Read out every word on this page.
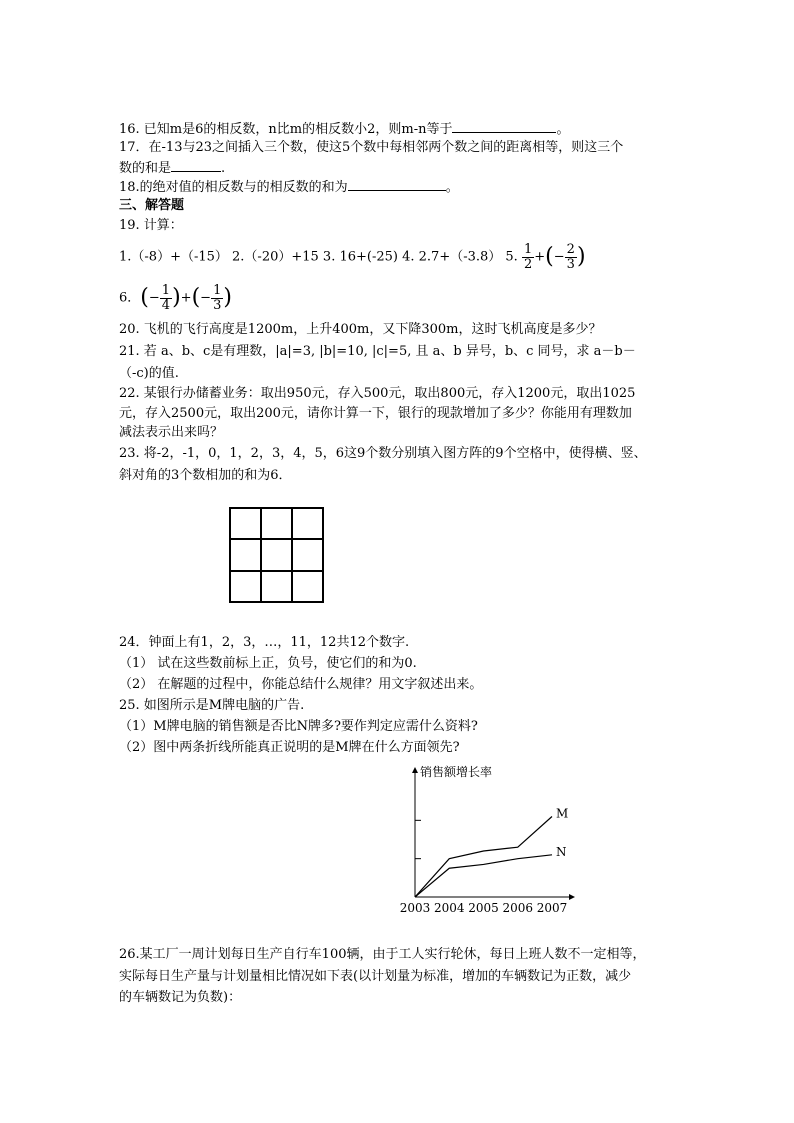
16. 已知m是6的相反数，n比m的相反数小2，则m-n等于	。
17．在-13与23之间插入三个数，使这5个数中每相邻两个数之间的距离相等，则这三个
数的和是	.
18.的绝对值的相反数与的相反数的和为	。
三、解答题
19. 计算：
1.（-8）+（-15） 2.（-20）+15 3. 16+(-25) 4. 2.7+（-3.8） 5. $\frac{1}{2}$ +(− $\frac{2}{3}$ )
6．(− $\frac{1}{4}$ )+(− $\frac{1}{3}$ )
20. 飞机的飞行高度是1200m，上升400m，又下降300m，这时飞机高度是多少？
21. 若 a、b、c是有理数，|a|=3, |b|=10, |c|=5, 且 a、b 异号，b、c 同号，求 a－b－
（-c)的值.
22. 某银行办储蓄业务：取出950元，存入500元，取出800元，存入1200元，取出1025
元，存入2500元，取出200元，请你计算一下，银行的现款增加了多少？你能用有理数加
减法表示出来吗？
23. 将-2，-1，0，1，2，3，4，5，6这9个数分别填入图方阵的9个空格中，使得横、竖、
斜对角的3个数相加的和为6．
24．钟面上有1，2，3，…，11，12共12个数字.
（1） 试在这些数前标上正，负号，使它们的和为0.
（2） 在解题的过程中，你能总结什么规律？用文字叙述出来。
25. 如图所示是M牌电脑的广告.
（1）M牌电脑的销售额是否比N牌多?要作判定应需什么资料?
（2）图中两条折线所能真正说明的是M牌在什么方面领先?
销售额增长率
2003 2004 2005 2006 2007
M
N
26.某工厂一周计划每日生产自行车100辆，由于工人实行轮休，每日上班人数不一定相等，
实际每日生产量与计划量相比情况如下表(以计划量为标准，增加的车辆数记为正数，减少
的车辆数记为负数)：
